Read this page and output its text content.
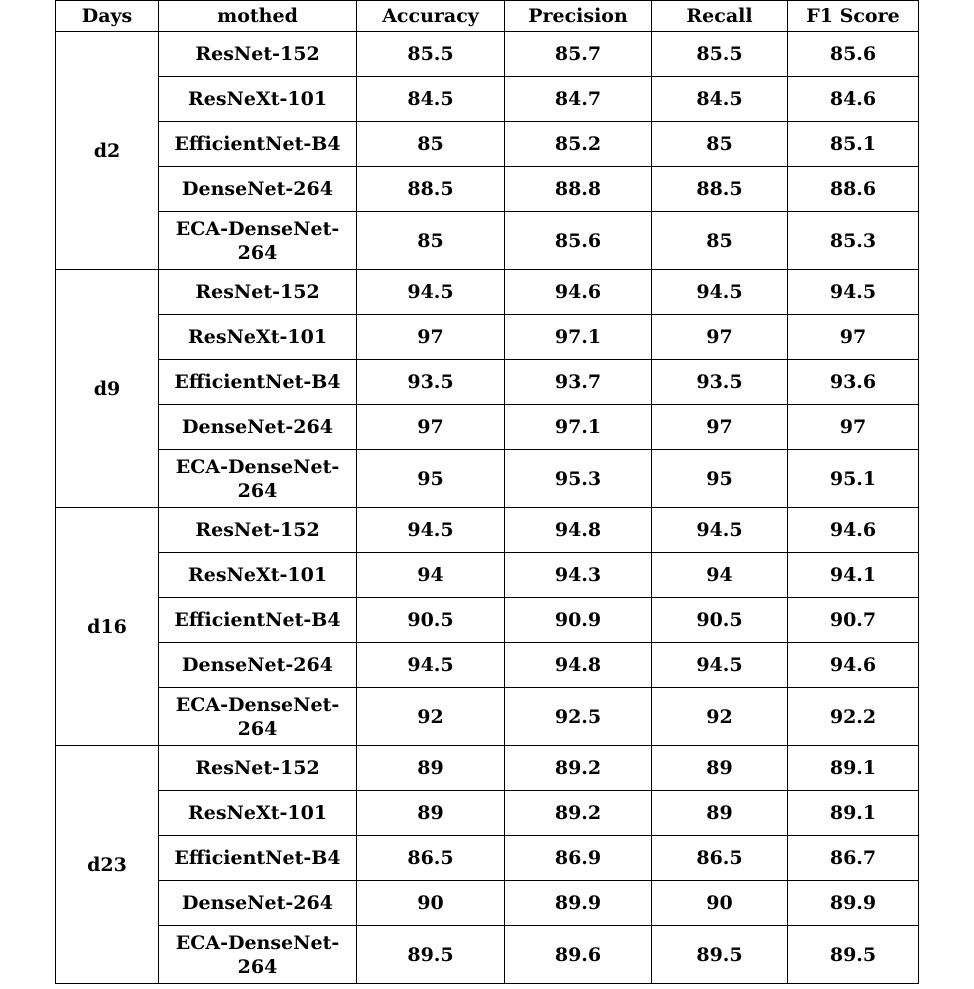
Days	mothed	Accuracy	Precision	Recall	F1 Score
d2	ResNet-152	85.5	85.7	85.5	85.6
	ResNeXt-101	84.5	84.7	84.5	84.6
	EfficientNet-B4	85	85.2	85	85.1
	DenseNet-264	88.5	88.8	88.5	88.6
	ECA-DenseNet-264	85	85.6	85	85.3
d9	ResNet-152	94.5	94.6	94.5	94.5
	ResNeXt-101	97	97.1	97	97
	EfficientNet-B4	93.5	93.7	93.5	93.6
	DenseNet-264	97	97.1	97	97
	ECA-DenseNet-264	95	95.3	95	95.1
d16	ResNet-152	94.5	94.8	94.5	94.6
	ResNeXt-101	94	94.3	94	94.1
	EfficientNet-B4	90.5	90.9	90.5	90.7
	DenseNet-264	94.5	94.8	94.5	94.6
	ECA-DenseNet-264	92	92.5	92	92.2
d23	ResNet-152	89	89.2	89	89.1
	ResNeXt-101	89	89.2	89	89.1
	EfficientNet-B4	86.5	86.9	86.5	86.7
	DenseNet-264	90	89.9	90	89.9
	ECA-DenseNet-264	89.5	89.6	89.5	89.5
